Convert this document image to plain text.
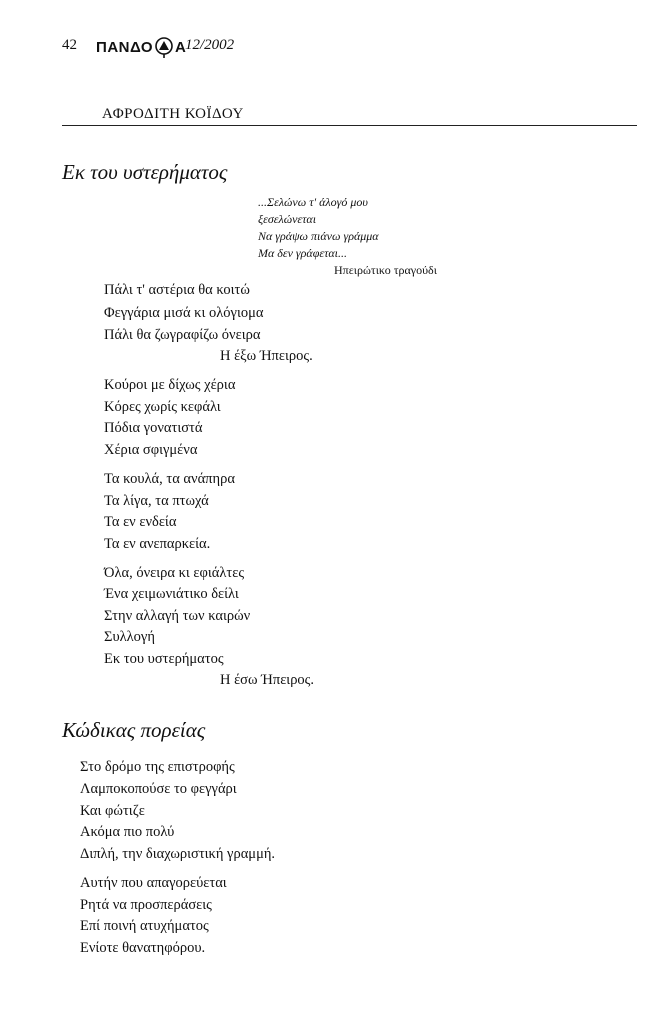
42 ΠΑΝΔΟ Α
12/2002
ΑΦΡΟΔΙΤΗ ΚΟΪΔΟΥ
Εκ του υστερήματος
...Σελώνω τ' άλογό μου
ξεσελώνεται
Να γράψω πιάνω γράμμα
Μα δεν γράφεται...
Ηπειρώτικο τραγούδι
Πάλι τ' αστέρια θα κοιτώ
Φεγγάρια μισά κι ολόγιομα
Πάλι θα ζωγραφίζω όνειρα
Η έξω Ήπειρος.
Κούροι με δίχως χέρια
Κόρες χωρίς κεφάλι
Πόδια γονατιστά
Χέρια σφιγμένα
Τα κουλά, τα ανάπηρα
Τα λίγα, τα πτωχά
Τα εν ενδεία
Τα εν ανεπαρκεία.
Όλα, όνειρα κι εφιάλτες
Ένα χειμωνιάτικο δείλι
Στην αλλαγή των καιρών
Συλλογή
Εκ του υστερήματος
Η έσω Ήπειρος.
Κώδικας πορείας
Στο δρόμο της επιστροφής
Λαμποκοπούσε το φεγγάρι
Και φώτιζε
Ακόμα πιο πολύ
Διπλή, την διαχωριστική γραμμή.
Αυτήν που απαγορεύεται
Ρητά να προσπεράσεις
Επί ποινή ατυχήματος
Ενίοτε θανατηφόρου.
